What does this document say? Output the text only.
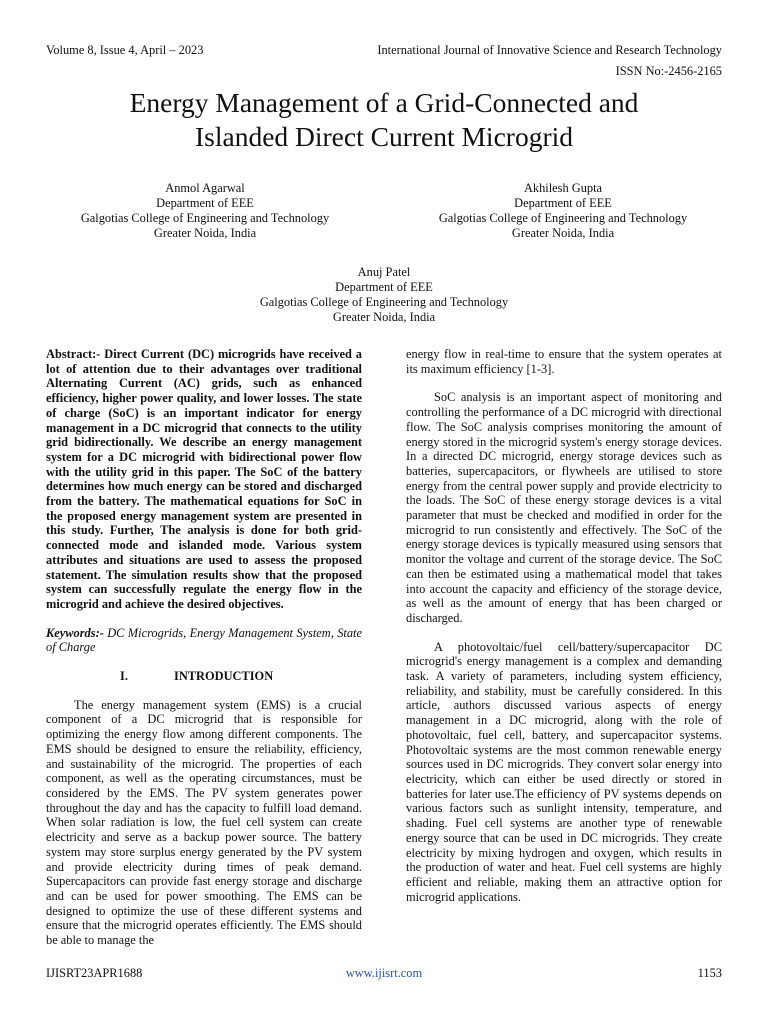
Volume 8, Issue 4, April – 2023	International Journal of Innovative Science and Research Technology
ISSN No:-2456-2165
Energy Management of a Grid-Connected and
Islanded Direct Current Microgrid
Anmol Agarwal
Department of EEE
Galgotias College of Engineering and Technology
Greater Noida, India
Akhilesh Gupta
Department of EEE
Galgotias College of Engineering and Technology
Greater Noida, India
Anuj Patel
Department of EEE
Galgotias College of Engineering and Technology
Greater Noida, India

Abstract:- Direct Current (DC) microgrids have received a lot of attention due to their advantages over traditional Alternating Current (AC) grids, such as enhanced efficiency, higher power quality, and lower losses. The state of charge (SoC) is an important indicator for energy management in a DC microgrid that connects to the utility grid bidirectionally. We describe an energy management system for a DC microgrid with bidirectional power flow with the utility grid in this paper. The SoC of the battery determines how much energy can be stored and discharged from the battery. The mathematical equations for SoC in the proposed energy management system are presented in this study. Further, The analysis is done for both grid-connected mode and islanded mode. Various system attributes and situations are used to assess the proposed statement. The simulation results show that the proposed system can successfully regulate the energy flow in the microgrid and achieve the desired objectives.

Keywords:- DC Microgrids, Energy Management System, State of Charge

I.	INTRODUCTION

The energy management system (EMS) is a crucial component of a DC microgrid that is responsible for optimizing the energy flow among different components. The EMS should be designed to ensure the reliability, efficiency, and sustainability of the microgrid. The properties of each component, as well as the operating circumstances, must be considered by the EMS. The PV system generates power throughout the day and has the capacity to fulfill load demand. When solar radiation is low, the fuel cell system can create electricity and serve as a backup power source. The battery system may store surplus energy generated by the PV system and provide electricity during times of peak demand. Supercapacitors can provide fast energy storage and discharge and can be used for power smoothing. The EMS can be designed to optimize the use of these different systems and ensure that the microgrid operates efficiently. The EMS should be able to manage the

energy flow in real-time to ensure that the system operates at its maximum efficiency [1-3].

SoC analysis is an important aspect of monitoring and controlling the performance of a DC microgrid with directional flow. The SoC analysis comprises monitoring the amount of energy stored in the microgrid system's energy storage devices. In a directed DC microgrid, energy storage devices such as batteries, supercapacitors, or flywheels are utilised to store energy from the central power supply and provide electricity to the loads. The SoC of these energy storage devices is a vital parameter that must be checked and modified in order for the microgrid to run consistently and effectively. The SoC of the energy storage devices is typically measured using sensors that monitor the voltage and current of the storage device. The SoC can then be estimated using a mathematical model that takes into account the capacity and efficiency of the storage device, as well as the amount of energy that has been charged or discharged.

A photovoltaic/fuel cell/battery/supercapacitor DC microgrid's energy management is a complex and demanding task. A variety of parameters, including system efficiency, reliability, and stability, must be carefully considered. In this article, authors discussed various aspects of energy management in a DC microgrid, along with the role of photovoltaic, fuel cell, battery, and supercapacitor systems. Photovoltaic systems are the most common renewable energy sources used in DC microgrids. They convert solar energy into electricity, which can either be used directly or stored in batteries for later use.The efficiency of PV systems depends on various factors such as sunlight intensity, temperature, and shading. Fuel cell systems are another type of renewable energy source that can be used in DC microgrids. They create electricity by mixing hydrogen and oxygen, which results in the production of water and heat. Fuel cell systems are highly efficient and reliable, making them an attractive option for microgrid applications.

IJISRT23APR1688	www.ijisrt.com	1153
